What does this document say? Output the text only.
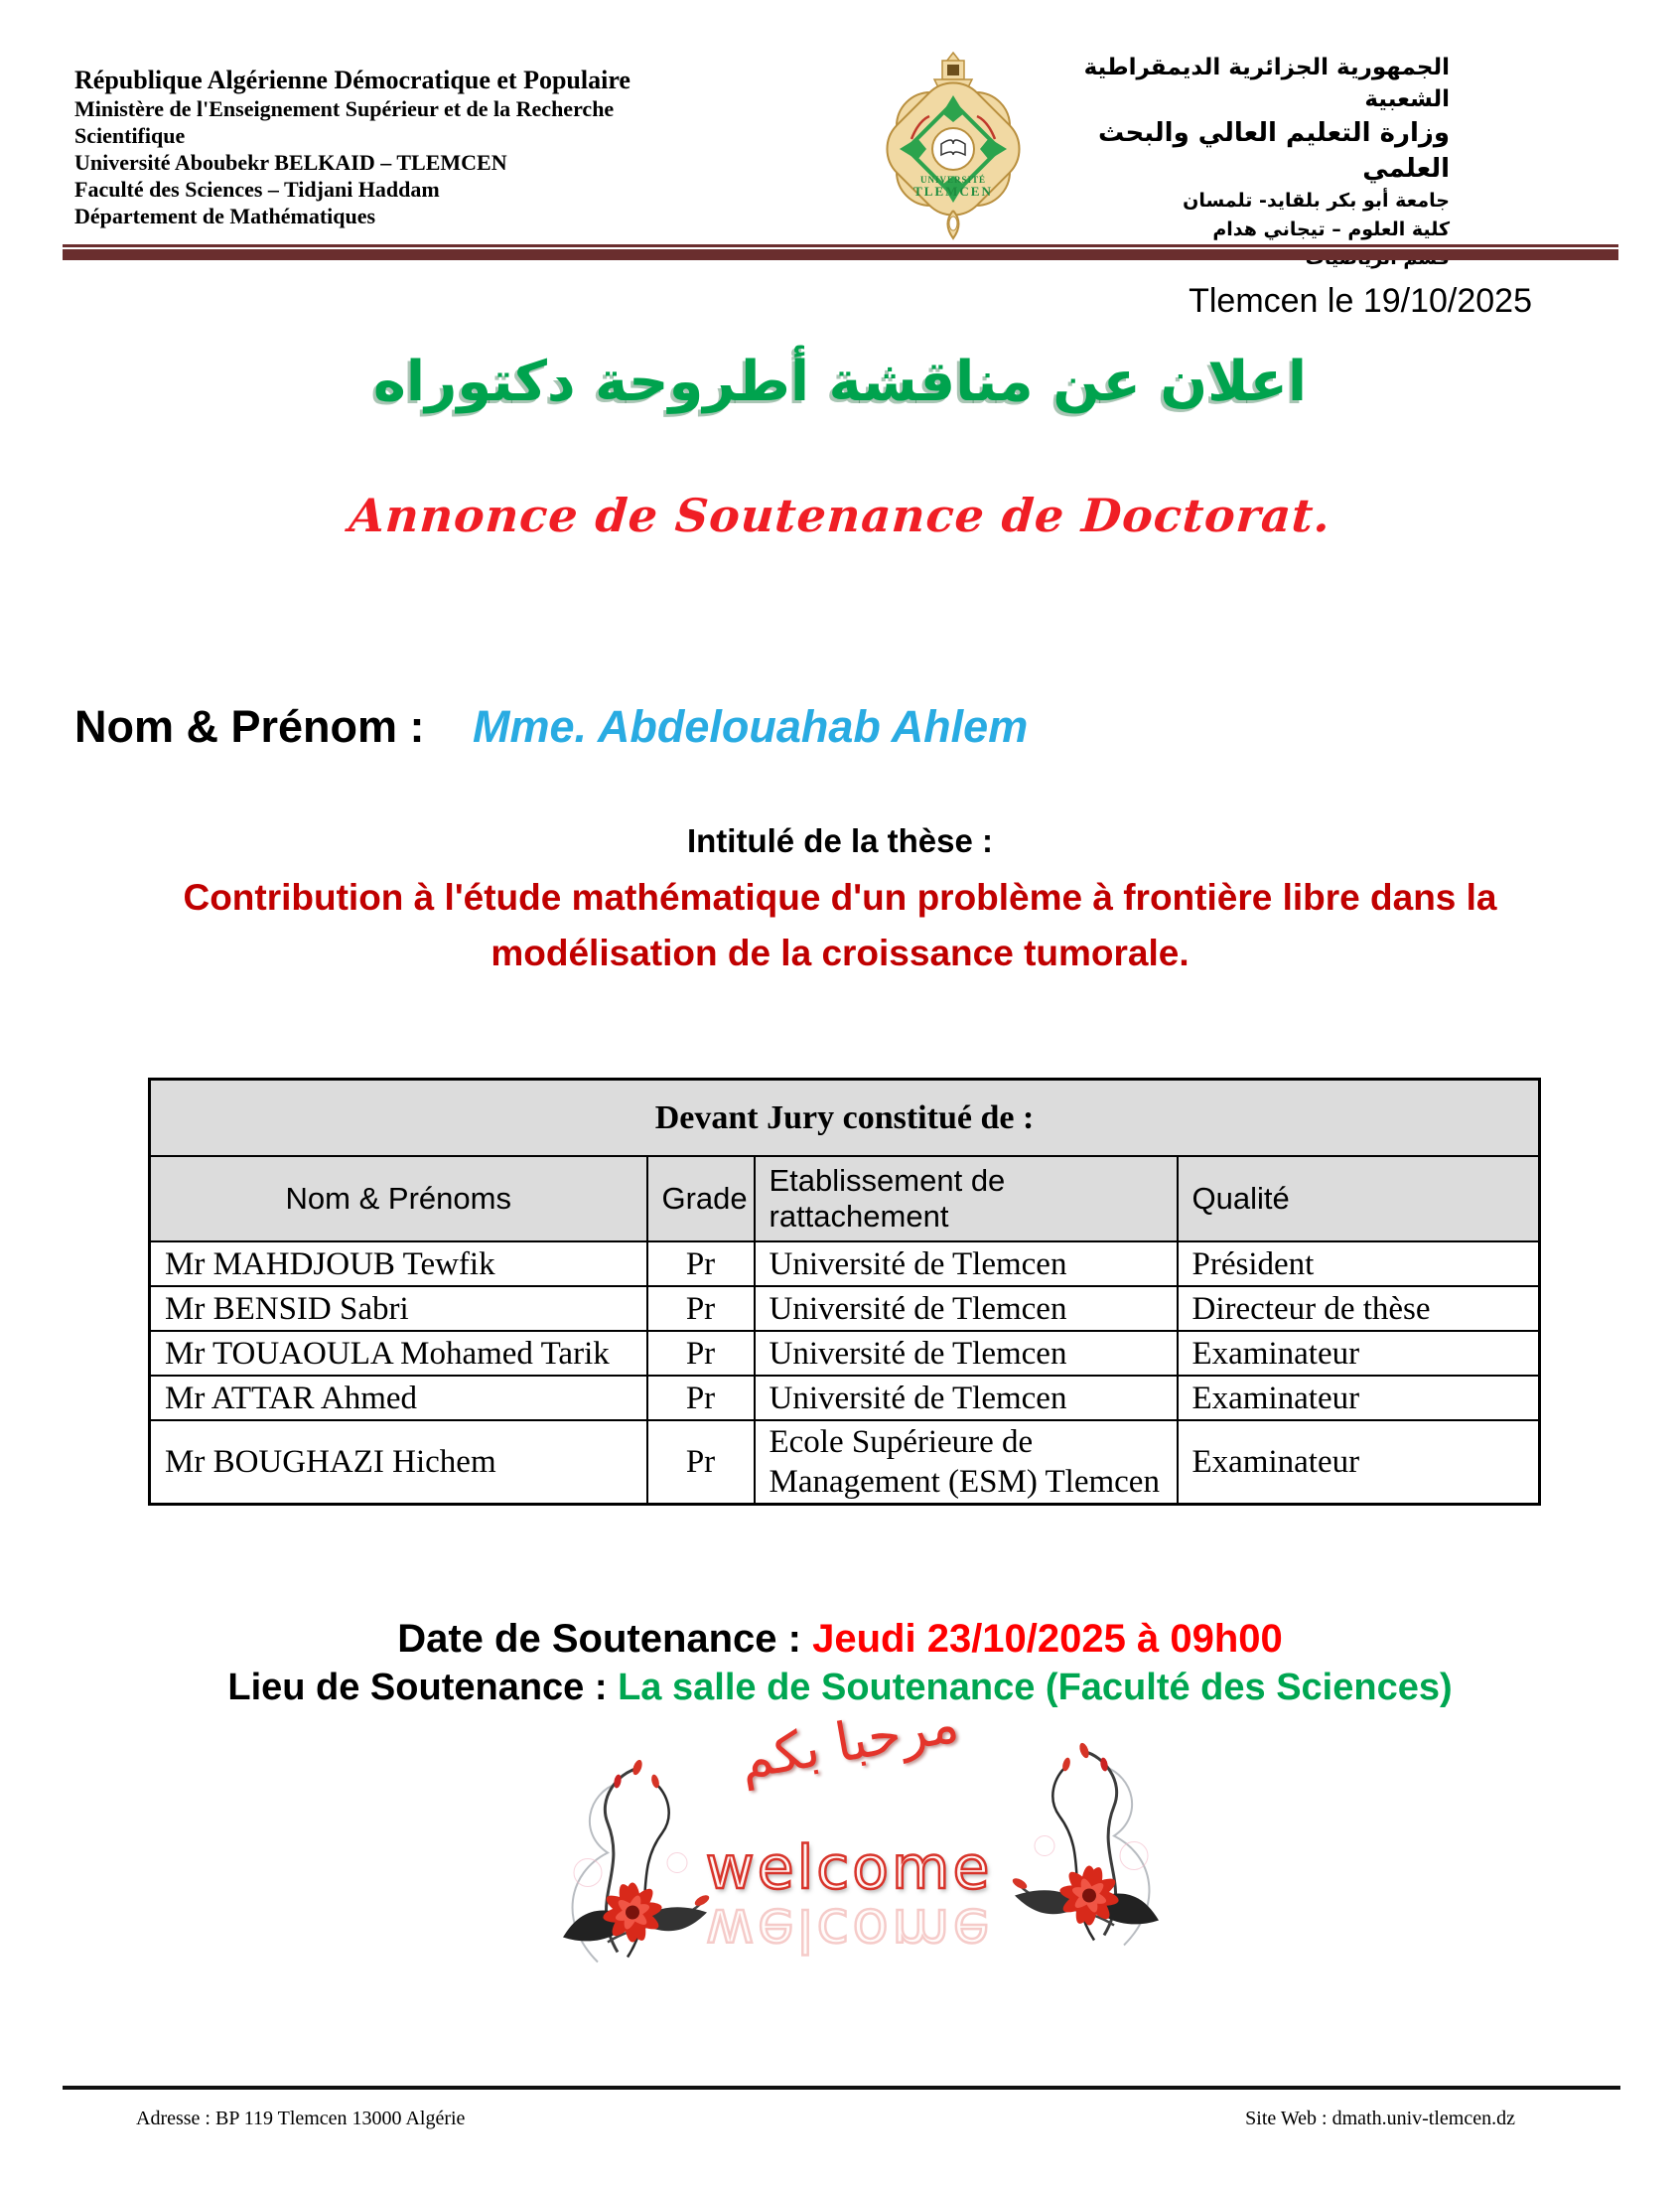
République Algérienne Démocratique et Populaire
Ministère de l'Enseignement Supérieur et de la Recherche Scientifique
Université Aboubekr BELKAID – TLEMCEN
Faculté des Sciences – Tidjani Haddam
Département de Mathématiques
UNIVERSITÉ
TLEMCEN
الجمهورية الجزائرية الديمقراطية الشعبية
وزارة التعليم العالي والبحث العلمي
جامعة أبو بكر بلقايد- تلمسان
كلية العلوم – تيجاني هدام
Tlemcen le 19/10/2025
اعلان عن مناقشة أطروحة دكتوراه
Annonce de Soutenance de Doctorat.
Nom & Prénom : Mme. Abdelouahab Ahlem
Intitulé de la thèse :
Contribution à l'étude mathématique d'un problème à frontière libre dans la modélisation de la croissance tumorale.
Devant Jury constitué de :			
Nom & Prénoms	Grade	Etablissement de rattachement	Qualité
Mr MAHDJOUB Tewfik	Pr	Université de Tlemcen	Président
Mr BENSID Sabri	Pr	Université de Tlemcen	Directeur de thèse
Mr TOUAOULA Mohamed Tarik	Pr	Université de Tlemcen	Examinateur
Mr ATTAR Ahmed	Pr	Université de Tlemcen	Examinateur
Mr BOUGHAZI Hichem	Pr	Ecole Supérieure de Management (ESM) Tlemcen	Examinateur
Date de Soutenance : Jeudi 23/10/2025 à 09h00
Lieu de Soutenance : La salle de Soutenance (Faculté des Sciences)
مرحبا بكم
welcome
welcome
Adresse : BP 119 Tlemcen 13000 Algérie	Site Web : dmath.univ-tlemcen.dz
